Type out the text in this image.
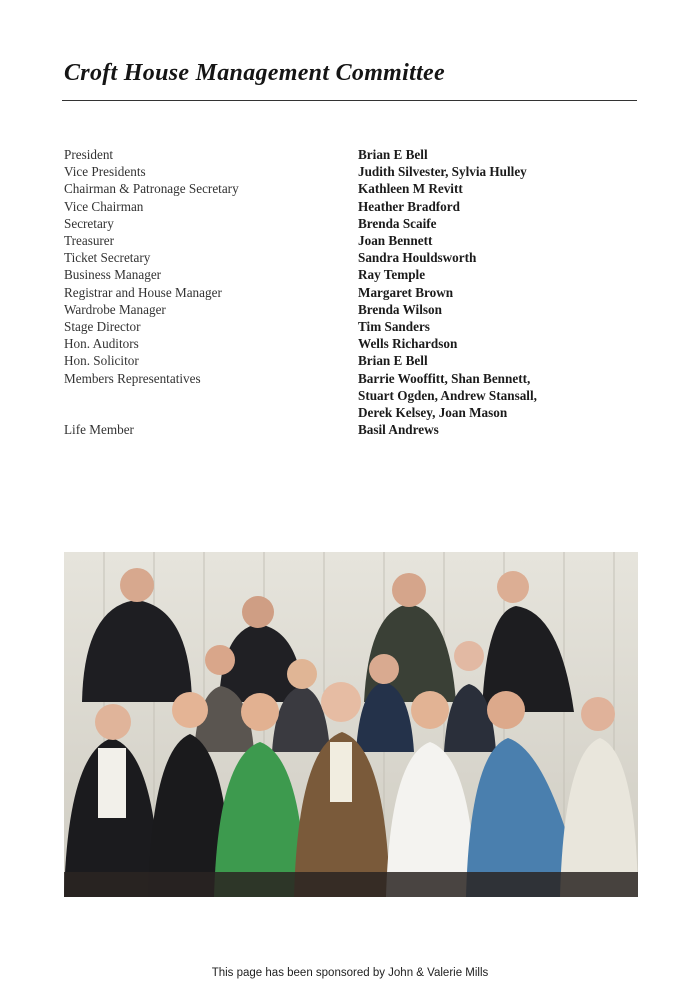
Croft House Management Committee
President	Brian E Bell
Vice Presidents	Judith Silvester, Sylvia Hulley
Chairman & Patronage Secretary	Kathleen M Revitt
Vice Chairman	Heather Bradford
Secretary	Brenda Scaife
Treasurer	Joan Bennett
Ticket Secretary	Sandra Houldsworth
Business Manager	Ray Temple
Registrar and House Manager	Margaret Brown
Wardrobe Manager	Brenda Wilson
Stage Director	Tim Sanders
Hon. Auditors	Wells Richardson
Hon. Solicitor	Brian E Bell
Members Representatives	Barrie Wooffitt, Shan Bennett,
Stuart Ogden, Andrew Stansall,
Derek Kelsey, Joan Mason
Life Member	Basil Andrews
This page has been sponsored by John & Valerie Mills
